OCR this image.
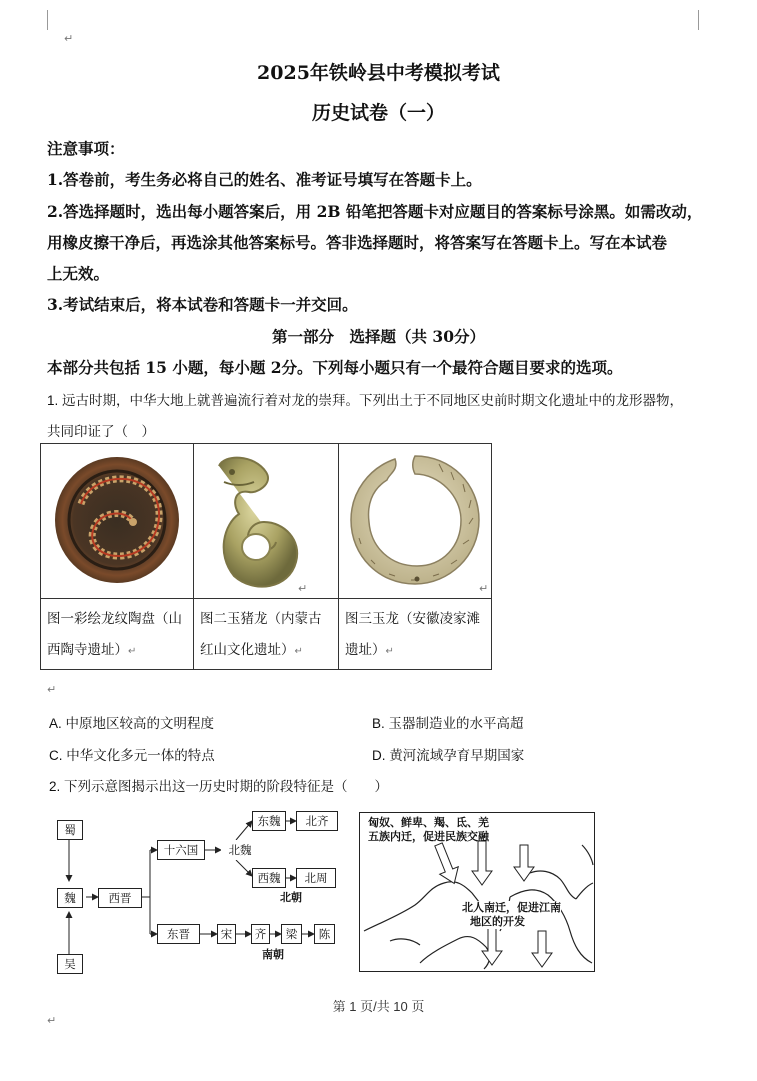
↵
2025年铁岭县中考模拟考试
历史试卷（一）
注意事项：
1.答卷前，考生务必将自己的姓名、准考证号填写在答题卡上。
2.答选择题时，选出每小题答案后，用 2B 铅笔把答题卡对应题目的答案标号涂黑。如需改动，
用橡皮擦干净后，再选涂其他答案标号。答非选择题时，将答案写在答题卡上。写在本试卷
上无效。
3.考试结束后，将本试卷和答题卡一并交回。
第一部分　选择题（共 30分）
本部分共包括 15 小题，每小题 2分。下列每小题只有一个最符合题目要求的选项。
1. 远古时期，中华大地上就普遍流行着对龙的崇拜。下列出土于不同地区史前时期文化遗址中的龙形器物，
共同印证了（　）

↵	↵

图一彩绘龙纹陶盘（山
西陶寺遗址）↵	图二玉猪龙（内蒙古
红山文化遗址）↵	图三玉龙（安徽凌家滩
遗址）↵
↵
A. 中原地区较高的文明程度	B. 玉器制造业的水平高超
C. 中华文化多元一体的特点	D. 黄河流域孕育早期国家
2. 下列示意图揭示出这一历史时期的阶段特征是（　　）
蜀
魏
吴
西晋
十六国	北魏
东魏	北齐
西魏	北周
北朝
东晋	宋	齐	梁	陈
南朝
匈奴、鲜卑、羯、氐、羌
五族内迁，促进民族交融
北人南迁，促进江南
地区的开发
第 1 页/共 10 页
↵
